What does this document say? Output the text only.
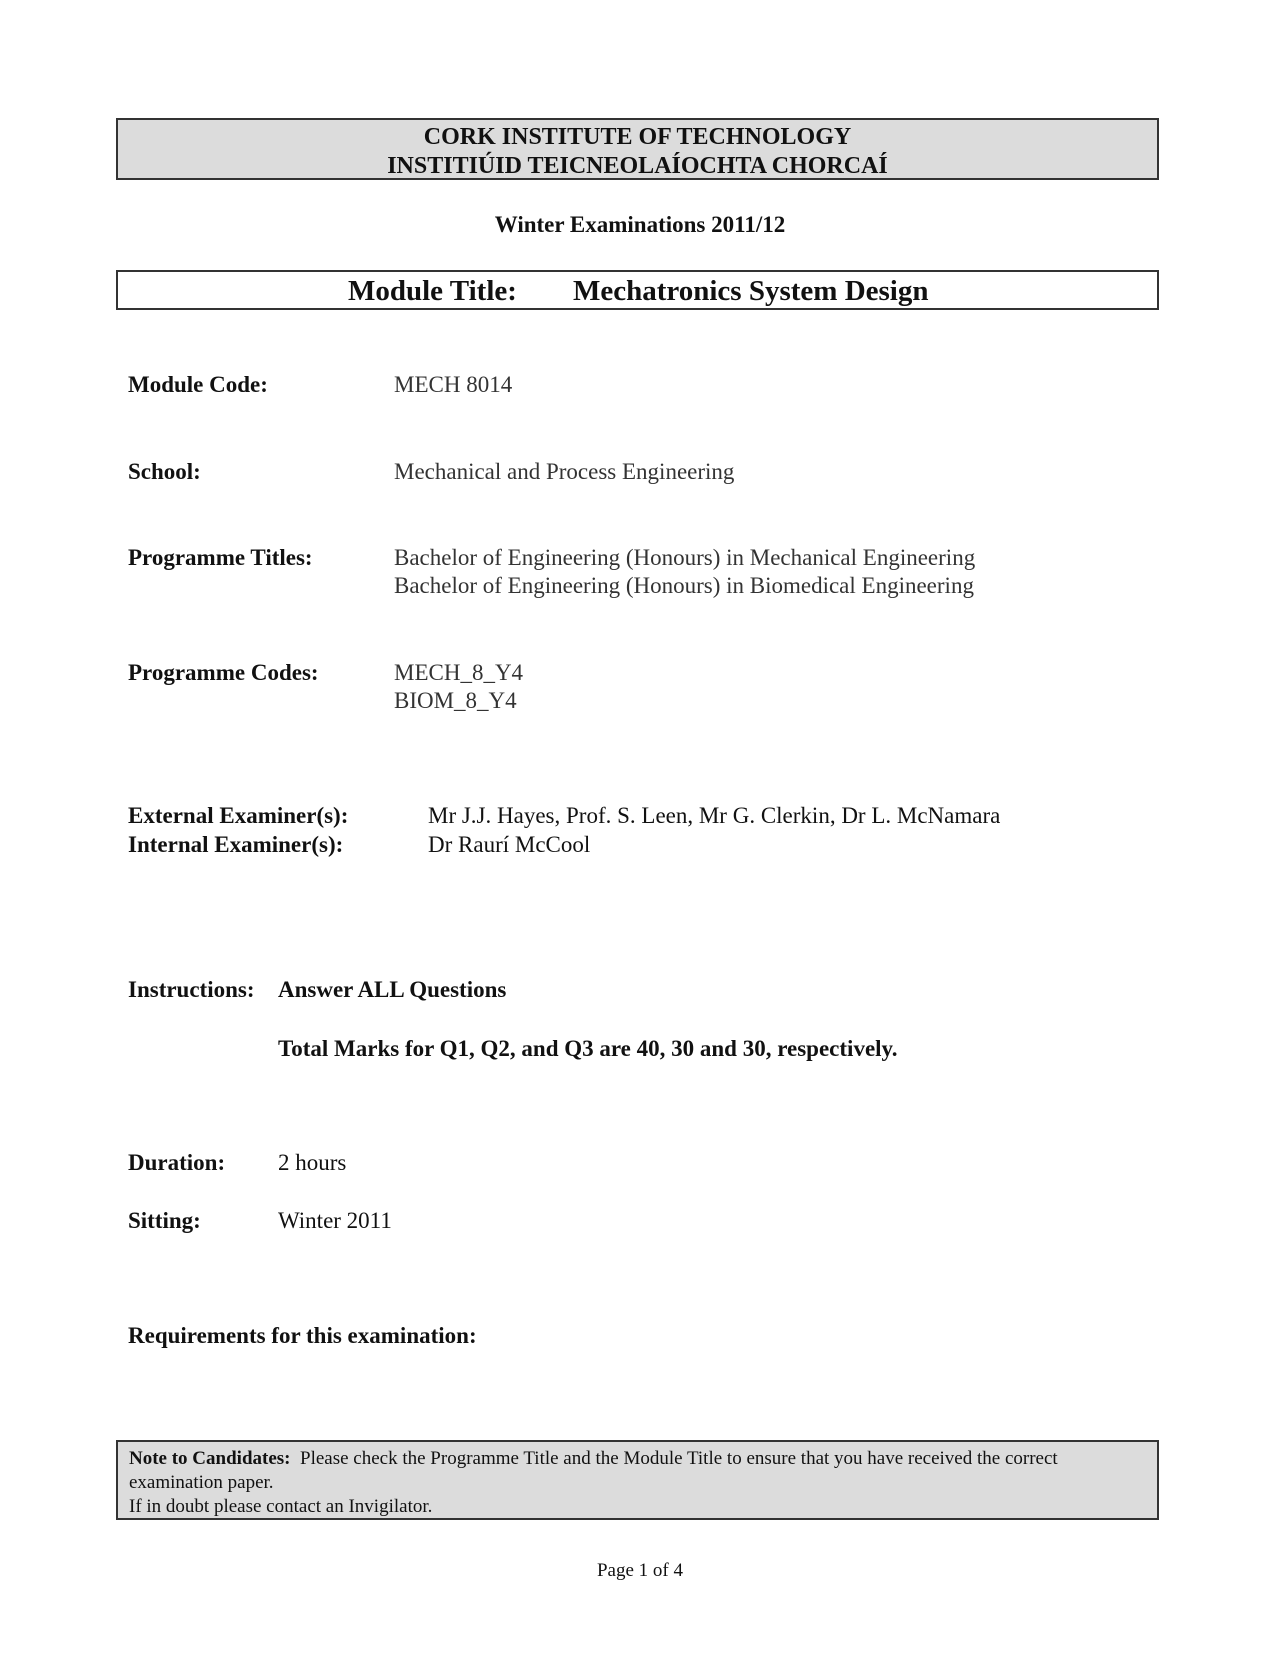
CORK INSTITUTE OF TECHNOLOGY
INSTITIÚID TEICNEOLAÍOCHTA CHORCAÍ
Winter Examinations 2011/12
Module Title: Mechatronics System Design
Module Code:	MECH 8014
School:	Mechanical and Process Engineering
Programme Titles:	Bachelor of Engineering (Honours) in Mechanical Engineering
Bachelor of Engineering (Honours) in Biomedical Engineering
Programme Codes:	MECH_8_Y4
BIOM_8_Y4
External Examiner(s):	Mr J.J. Hayes, Prof. S. Leen, Mr G. Clerkin, Dr L. McNamara
Internal Examiner(s):	Dr Raurí McCool
Instructions: Answer ALL Questions
Total Marks for Q1, Q2, and Q3 are 40, 30 and 30, respectively.
Duration: 2 hours
Sitting:	Winter 2011
Requirements for this examination:
Note to Candidates: Please check the Programme Title and the Module Title to ensure that you have received the correct examination paper.
If in doubt please contact an Invigilator.
Page 1 of 4
